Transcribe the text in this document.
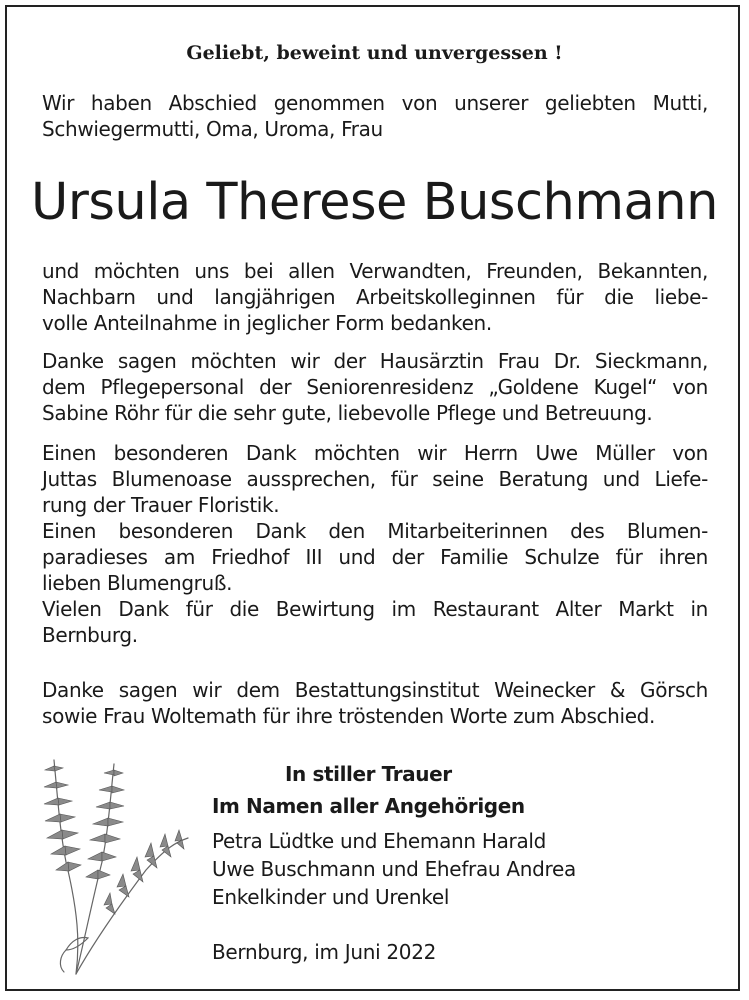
Geliebt, beweint und unvergessen !
Wir haben Abschied genommen von unserer geliebten Mutti,
Schwiegermutti, Oma, Uroma, Frau
Ursula Therese Buschmann
und möchten uns bei allen Verwandten, Freunden, Bekannten,
Nachbarn und langjährigen Arbeitskolleginnen für die liebe-
volle Anteilnahme in jeglicher Form bedanken.
Danke sagen möchten wir der Hausärztin Frau Dr. Sieckmann,
dem Pflegepersonal der Seniorenresidenz „Goldene Kugel“ von
Sabine Röhr für die sehr gute, liebevolle Pflege und Betreuung.
Einen besonderen Dank möchten wir Herrn Uwe Müller von
Juttas Blumenoase aussprechen, für seine Beratung und Liefe-
rung der Trauer Floristik.
Einen besonderen Dank den Mitarbeiterinnen des Blumen-
paradieses am Friedhof III und der Familie Schulze für ihren
lieben Blumengruß.
Vielen Dank für die Bewirtung im Restaurant Alter Markt in
Bernburg.
Danke sagen wir dem Bestattungsinstitut Weinecker & Görsch
sowie Frau Woltemath für ihre tröstenden Worte zum Abschied.
In stiller Trauer
Im Namen aller Angehörigen
Petra Lüdtke und Ehemann Harald
Uwe Buschmann und Ehefrau Andrea
Enkelkinder und Urenkel
Bernburg, im Juni 2022
